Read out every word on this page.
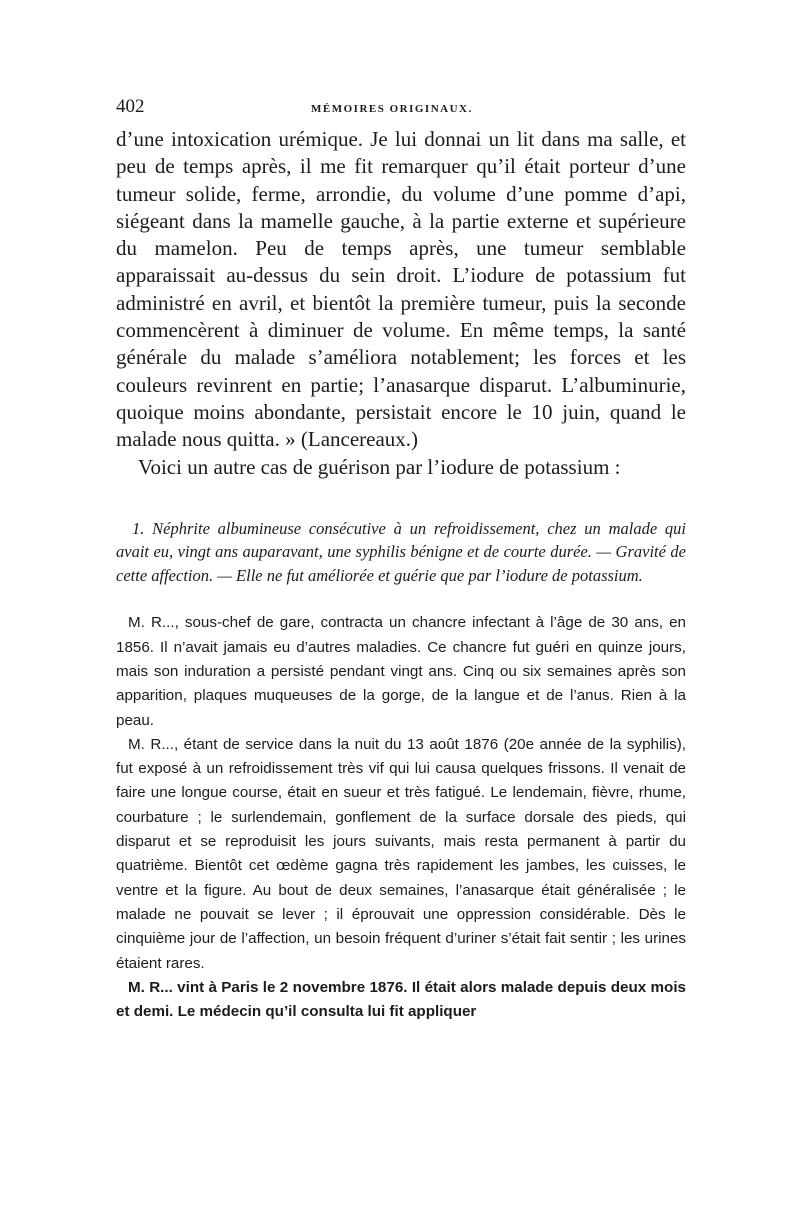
402	MÉMOIRES ORIGINAUX.

d’une intoxication urémique. Je lui donnai un lit dans ma salle, et peu de temps après, il me fit remarquer qu’il était porteur d’une tumeur solide, ferme, arrondie, du volume d’une pomme d’api, siégeant dans la mamelle gauche, à la partie externe et supérieure du mamelon. Peu de temps après, une tumeur semblable apparaissait au-dessus du sein droit. L’iodure de potassium fut administré en avril, et bientôt la première tumeur, puis la seconde commencèrent à diminuer de volume. En même temps, la santé générale du malade s’améliora notablement; les forces et les couleurs revinrent en partie; l’anasarque disparut. L’albuminurie, quoique moins abondante, persistait encore le 10 juin, quand le malade nous quitta. » (Lancereaux.)

Voici un autre cas de guérison par l’iodure de potassium :

1. Néphrite albumineuse consécutive à un refroidissement, chez un malade qui avait eu, vingt ans auparavant, une syphilis bénigne et de courte durée. — Gravité de cette affection. — Elle ne fut améliorée et guérie que par l’iodure de potassium.

M. R..., sous-chef de gare, contracta un chancre infectant à l’âge de 30 ans, en 1856. Il n’avait jamais eu d’autres maladies. Ce chancre fut guéri en quinze jours, mais son induration a persisté pendant vingt ans. Cinq ou six semaines après son apparition, plaques muqueuses de la gorge, de la langue et de l’anus. Rien à la peau.

M. R..., étant de service dans la nuit du 13 août 1876 (20e année de la syphilis), fut exposé à un refroidissement très vif qui lui causa quelques frissons. Il venait de faire une longue course, était en sueur et très fatigué. Le lendemain, fièvre, rhume, courbature ; le surlendemain, gonflement de la surface dorsale des pieds, qui disparut et se reproduisit les jours suivants, mais resta permanent à partir du quatrième. Bientôt cet œdème gagna très rapidement les jambes, les cuisses, le ventre et la figure. Au bout de deux semaines, l’anasarque était généralisée ; le malade ne pouvait se lever ; il éprouvait une oppression considérable. Dès le cinquième jour de l’affection, un besoin fréquent d’uriner s’était fait sentir ; les urines étaient rares.

M. R... vint à Paris le 2 novembre 1876. Il était alors malade depuis deux mois et demi. Le médecin qu’il consulta lui fit appliquer
